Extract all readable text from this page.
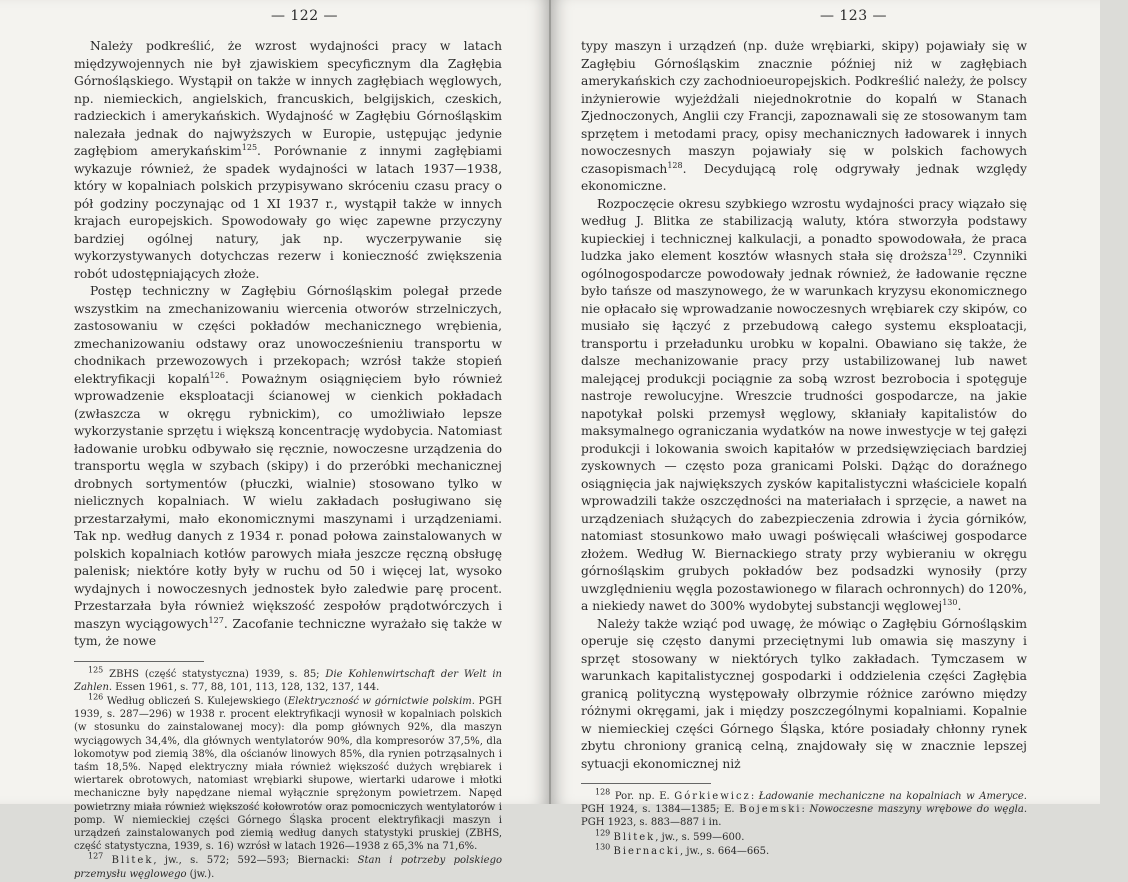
— 122 —

Należy podkreślić, że wzrost wydajności pracy w latach międzywojennych nie był zjawiskiem specyficznym dla Zagłębia Górnośląskiego. Wystąpił on także w innych zagłębiach węglowych, np. niemieckich, angielskich, francuskich, belgijskich, czeskich, radzieckich i amerykańskich. Wydajność w Zagłębiu Górnośląskim nalezała jednak do najwyższych w Europie, ustępując jedynie zagłębiom amerykańskim$^{125}$. Porównanie z innymi zagłębiami wykazuje również, że spadek wydajności w latach 1937—1938, który w kopalniach polskich przypisywano skróceniu czasu pracy o pół godziny poczynając od 1 XI 1937 r., wystąpił także w innych krajach europejskich. Spowodowały go więc zapewne przyczyny bardziej ogólnej natury, jak np. wyczerpywanie się wykorzystywanych dotychczas rezerw i konieczność zwiększenia robót udostępniających złoże.

Postęp techniczny w Zagłębiu Górnośląskim polegał przede wszystkim na zmechanizowaniu wiercenia otworów strzelniczych, zastosowaniu w części pokładów mechanicznego wrębienia, zmechanizowaniu odstawy oraz unowocześnieniu transportu w chodnikach przewozowych i przekopach; wzrósł także stopień elektryfikacji kopalń$^{126}$. Poważnym osiągnięciem było również wprowadzenie eksploatacji ścianowej w cienkich pokładach (zwłaszcza w okręgu rybnickim), co umożliwiało lepsze wykorzystanie sprzętu i większą koncentrację wydobycia. Natomiast ładowanie urobku odbywało się ręcznie, nowoczesne urządzenia do transportu węgla w szybach (skipy) i do przeróbki mechanicznej drobnych sortymentów (płuczki, wialnie) stosowano tylko w nielicznych kopalniach. W wielu zakładach posługiwano się przestarzałymi, mało ekonomicznymi maszynami i urządzeniami. Tak np. według danych z 1934 r. ponad połowa zainstalowanych w polskich kopalniach kotłów parowych miała jeszcze ręczną obsługę palenisk; niektóre kotły były w ruchu od 50 i więcej lat, wysoko wydajnych i nowoczesnych jednostek było zaledwie parę procent. Przestarzała była również większość zespołów prądotwórczych i maszyn wyciągowych$^{127}$. Zacofanie techniczne wyrażało się także w tym, że nowe

$^{125}$ ZBHS (część statystyczna) 1939, s. 85; Die Kohlenwirtschaft der Welt in Zahlen. Essen 1961, s. 77, 88, 101, 113, 128, 132, 137, 144.

$^{126}$ Według obliczeń S. Kulejewskiego (Elektryczność w górnictwie polskim. PGH 1939, s. 287—296) w 1938 r. procent elektryfikacji wynosił w kopalniach polskich (w stosunku do zainstalowanej mocy): dla pomp głównych 92%, dla maszyn wyciągowych 34,4%, dla głównych wentylatorów 90%, dla kompresorów 37,5%, dla lokomotyw pod ziemią 38%, dla ościanów linowych 85%, dla rynien potrząsalnych i taśm 18,5%. Napęd elektryczny miała również większość dużych wrębiarek i wiertarek obrotowych, natomiast wrębiarki słupowe, wiertarki udarowe i młotki mechaniczne były napędzane niemal wyłącznie sprężonym powietrzem. Napęd powietrzny miała również większość kołowrotów oraz pomocniczych wentylatorów i pomp. W niemieckiej części Górnego Śląska procent elektryfikacji maszyn i urządzeń zainstalowanych pod ziemią według danych statystyki pruskiej (ZBHS, część statystyczna, 1939, s. 16) wzrósł w latach 1926—1938 z 65,3% na 71,6%.

$^{127}$ Blitek, jw., s. 572; 592—593; Biernacki: Stan i potrzeby polskiego przemysłu węglowego (jw.).

— 123 —

typy maszyn i urządzeń (np. duże wrębiarki, skipy) pojawiały się w Zagłębiu Górnośląskim znacznie później niż w zagłębiach amerykańskich czy zachodnioeuropejskich. Podkreślić należy, że polscy inżynierowie wyjeżdżali niejednokrotnie do kopalń w Stanach Zjednoczonych, Anglii czy Francji, zapoznawali się ze stosowanym tam sprzętem i metodami pracy, opisy mechanicznych ładowarek i innych nowoczesnych maszyn pojawiały się w polskich fachowych czasopismach$^{128}$. Decydującą rolę odgrywały jednak względy ekonomiczne.

Rozpoczęcie okresu szybkiego wzrostu wydajności pracy wiązało się według J. Blitka ze stabilizacją waluty, która stworzyła podstawy kupieckiej i technicznej kalkulacji, a ponadto spowodowała, że praca ludzka jako element kosztów własnych stała się droższa$^{129}$. Czynniki ogólnogospodarcze powodowały jednak również, że ładowanie ręczne było tańsze od maszynowego, że w warunkach kryzysu ekonomicznego nie opłacało się wprowadzanie nowoczesnych wrębiarek czy skipów, co musiało się łączyć z przebudową całego systemu eksploatacji, transportu i przeładunku urobku w kopalni. Obawiano się także, że dalsze mechanizowanie pracy przy ustabilizowanej lub nawet malejącej produkcji pociągnie za sobą wzrost bezrobocia i spotęguje nastroje rewolucyjne. Wreszcie trudności gospodarcze, na jakie napotykał polski przemysł węglowy, skłaniały kapitalistów do maksymalnego ograniczania wydatków na nowe inwestycje w tej gałęzi produkcji i lokowania swoich kapitałów w przedsięwzięciach bardziej zyskownych — często poza granicami Polski. Dążąc do doraźnego osiągnięcia jak największych zysków kapitalistyczni właściciele kopalń wprowadzili także oszczędności na materiałach i sprzęcie, a nawet na urządzeniach służących do zabezpieczenia zdrowia i życia górników, natomiast stosunkowo mało uwagi poświęcali właściwej gospodarce złożem. Według W. Biernackiego straty przy wybieraniu w okręgu górnośląskim grubych pokładów bez podsadzki wynosiły (przy uwzględnieniu węgla pozostawionego w filarach ochronnych) do 120%, a niekiedy nawet do 300% wydobytej substancji węglowej$^{130}$.

Należy także wziąć pod uwagę, że mówiąc o Zagłębiu Górnośląskim operuje się często danymi przeciętnymi lub omawia się maszyny i sprzęt stosowany w niektórych tylko zakładach. Tymczasem w warunkach kapitalistycznej gospodarki i oddzielenia części Zagłębia granicą polityczną występowały olbrzymie różnice zarówno między różnymi okręgami, jak i między poszczególnymi kopalniami. Kopalnie w niemieckiej części Górnego Śląska, które posiadały chłonny rynek zbytu chroniony granicą celną, znajdowały się w znacznie lepszej sytuacji ekonomicznej niż

$^{128}$ Por. np. E. Górkiewicz: Ładowanie mechaniczne na kopalniach w Ameryce. PGH 1924, s. 1384—1385; E. Bojemski: Nowoczesne maszyny wrębowe do węgla. PGH 1923, s. 883—887 i in.

$^{129}$ Blitek, jw., s. 599—600.

$^{130}$ Biernacki, jw., s. 664—665.
